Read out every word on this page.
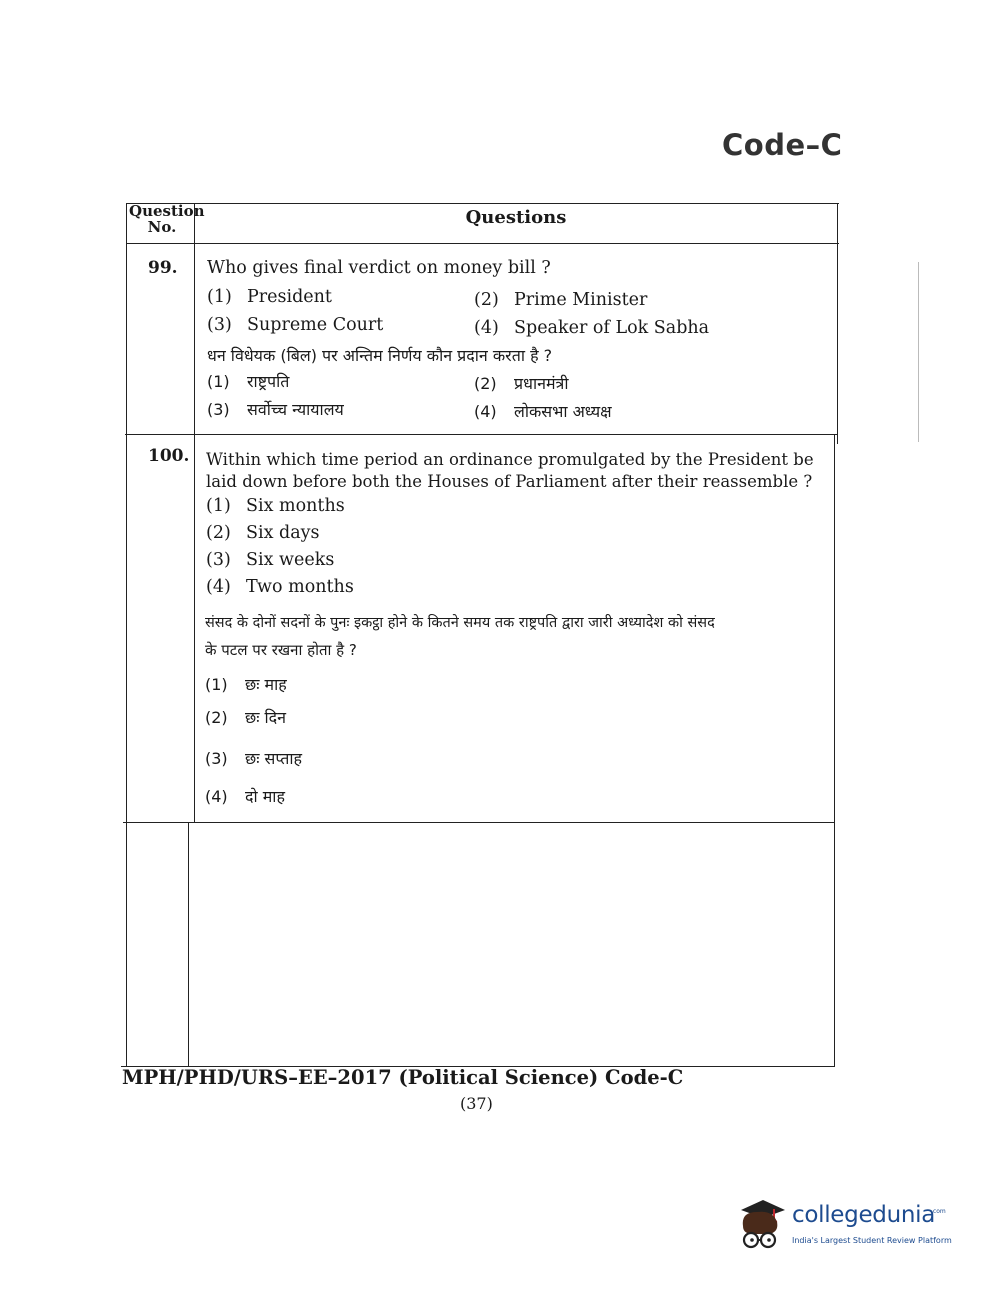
Code–C
Question No.	Questions
99. Who gives final verdict on money bill ?
(1) President	(2) Prime Minister
(3) Supreme Court	(4) Speaker of Lok Sabha
धन विधेयक (बिल) पर अन्तिम निर्णय कौन प्रदान करता है ?
(1) राष्ट्रपति	(2) प्रधानमंत्री
(3) सर्वोच्च न्यायालय	(4) लोकसभा अध्यक्ष
100. Within which time period an ordinance promulgated by the President be
laid down before both the Houses of Parliament after their reassemble ?
(1) Six months
(2) Six days
(3) Six weeks
(4) Two months
संसद के दोनों सदनों के पुनः इकट्ठा होने के कितने समय तक राष्ट्रपति द्वारा जारी अध्यादेश को संसद
के पटल पर रखना होता है ?
(1) छः माह
(2) छः दिन
(3) छः सप्ताह
(4) दो माह
MPH/PHD/URS–EE–2017 (Political Science) Code-C
(37)
collegedunia
.com
India's Largest Student Review Platform
